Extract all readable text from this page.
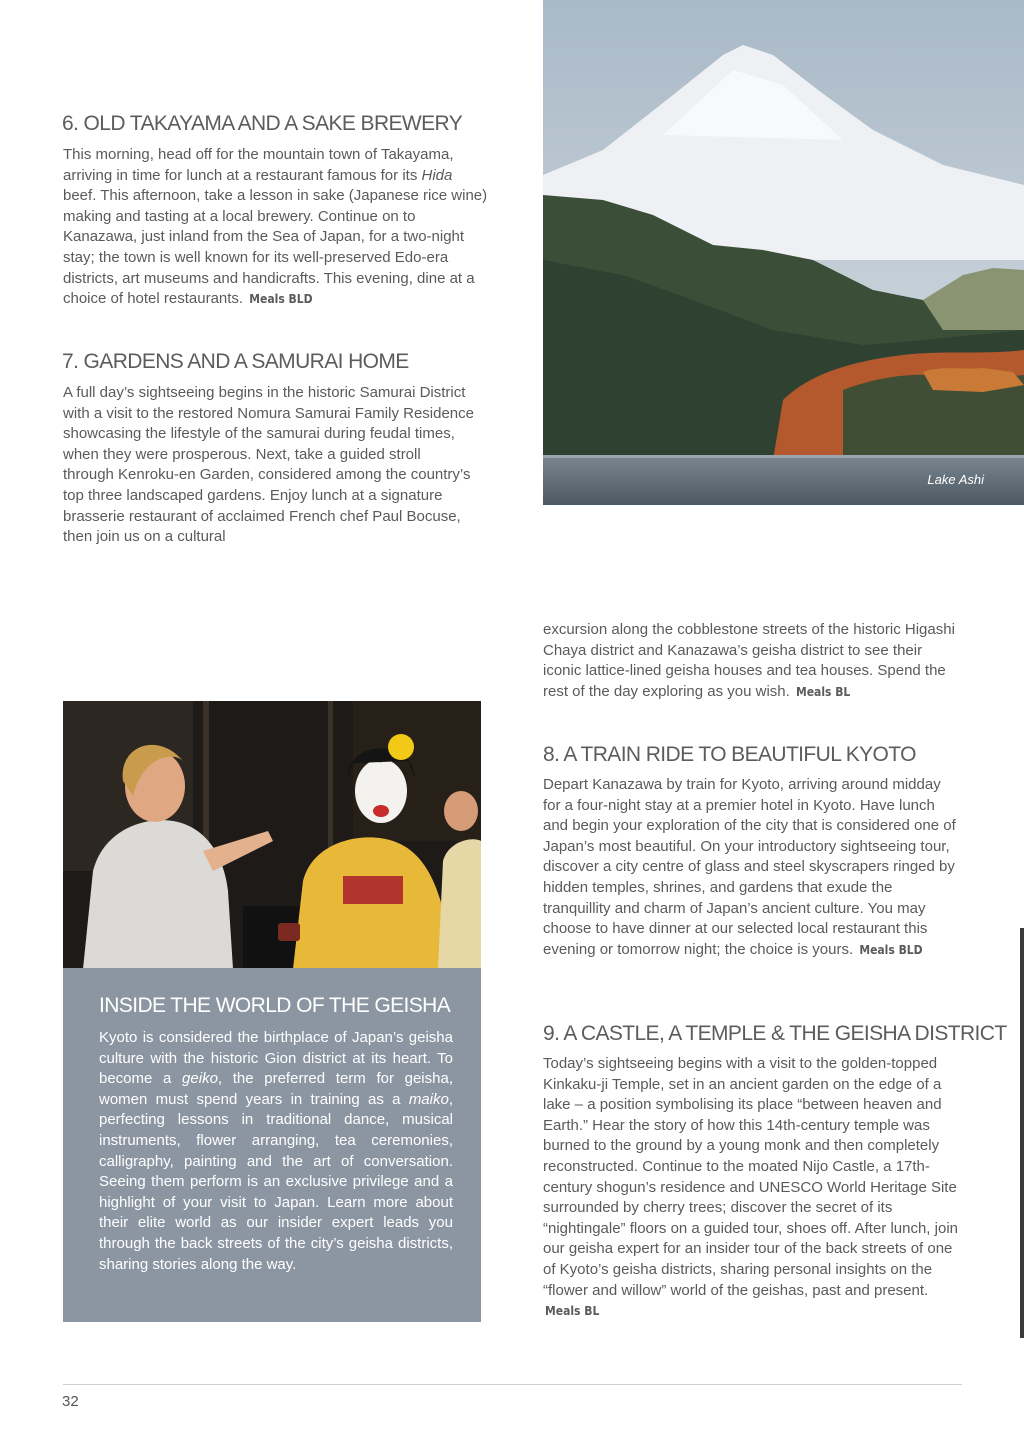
6. OLD TAKAYAMA AND A SAKE BREWERY

This morning, head off for the mountain town of Takayama, arriving in time for lunch at a restaurant famous for its Hida beef. This afternoon, take a lesson in sake (Japanese rice wine) making and tasting at a local brewery. Continue on to Kanazawa, just inland from the Sea of Japan, for a two-night stay; the town is well known for its well-preserved Edo-era districts, art museums and handicrafts. This evening, dine at a choice of hotel restaurants. Meals BLD

7. GARDENS AND A SAMURAI HOME

A full day’s sightseeing begins in the historic Samurai District with a visit to the restored Nomura Samurai Family Residence showcasing the lifestyle of the samurai during feudal times, when they were prosperous. Next, take a guided stroll through Kenroku-en Garden, considered among the country’s top three landscaped gardens. Enjoy lunch at a signature brasserie restaurant of acclaimed French chef Paul Bocuse, then join us on a cultural

Lake Ashi

excursion along the cobblestone streets of the historic Higashi Chaya district and Kanazawa’s geisha district to see their iconic lattice-lined geisha houses and tea houses. Spend the rest of the day exploring as you wish. Meals BL

8. A TRAIN RIDE TO BEAUTIFUL KYOTO

Depart Kanazawa by train for Kyoto, arriving around midday for a four-night stay at a premier hotel in Kyoto. Have lunch and begin your exploration of the city that is considered one of Japan’s most beautiful. On your introductory sightseeing tour, discover a city centre of glass and steel skyscrapers ringed by hidden temples, shrines, and gardens that exude the tranquillity and charm of Japan’s ancient culture. You may choose to have dinner at our selected local restaurant this evening or tomorrow night; the choice is yours. Meals BLD

9. A CASTLE, A TEMPLE & THE GEISHA DISTRICT

Today’s sightseeing begins with a visit to the golden-topped Kinkaku-ji Temple, set in an ancient garden on the edge of a lake – a position symbolising its place “between heaven and Earth.” Hear the story of how this 14th-century temple was burned to the ground by a young monk and then completely reconstructed. Continue to the moated Nijo Castle, a 17th-century shogun’s residence and UNESCO World Heritage Site surrounded by cherry trees; discover the secret of its “nightingale” floors on a guided tour, shoes off. After lunch, join our geisha expert for an insider tour of the back streets of one of Kyoto’s geisha districts, sharing personal insights on the “flower and willow” world of the geishas, past and present. Meals BL

INSIDE THE WORLD OF THE GEISHA

Kyoto is considered the birthplace of Japan’s geisha culture with the historic Gion district at its heart. To become a geiko, the preferred term for geisha, women must spend years in training as a maiko, perfecting lessons in traditional dance, musical instruments, flower arranging, tea ceremonies, calligraphy, painting and the art of conversation. Seeing them perform is an exclusive privilege and a highlight of your visit to Japan. Learn more about their elite world as our insider expert leads you through the back streets of the city’s geisha districts, sharing stories along the way.

32
